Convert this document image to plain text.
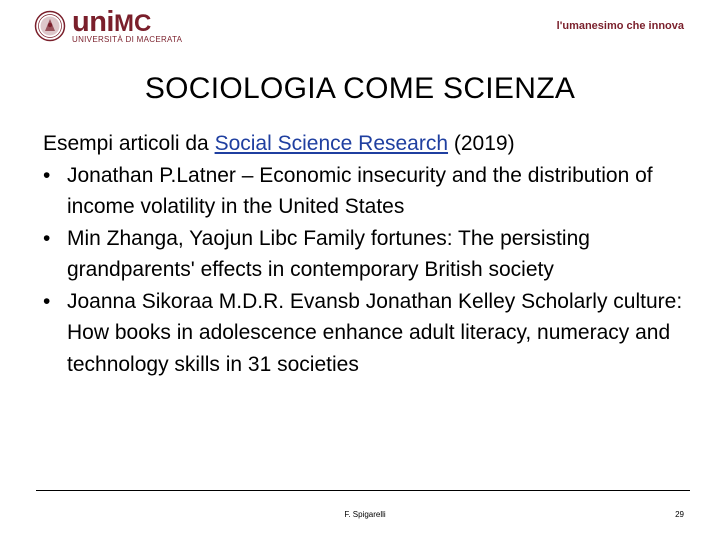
uniMC
UNIVERSITÀ DI MACERATA
l'umanesimo che innova
SOCIOLOGIA COME SCIENZA

Esempi articoli da Social Science Research (2019)

• Jonathan P.Latner – Economic insecurity and the distribution of income volatility in the United States
• Min Zhanga, Yaojun Libc Family fortunes: The persisting grandparents' effects in contemporary British society
• Joanna Sikoraa M.D.R. Evansb Jonathan Kelley Scholarly culture: How books in adolescence enhance adult literacy, numeracy and technology skills in 31 societies
F. Spigarelli	29
